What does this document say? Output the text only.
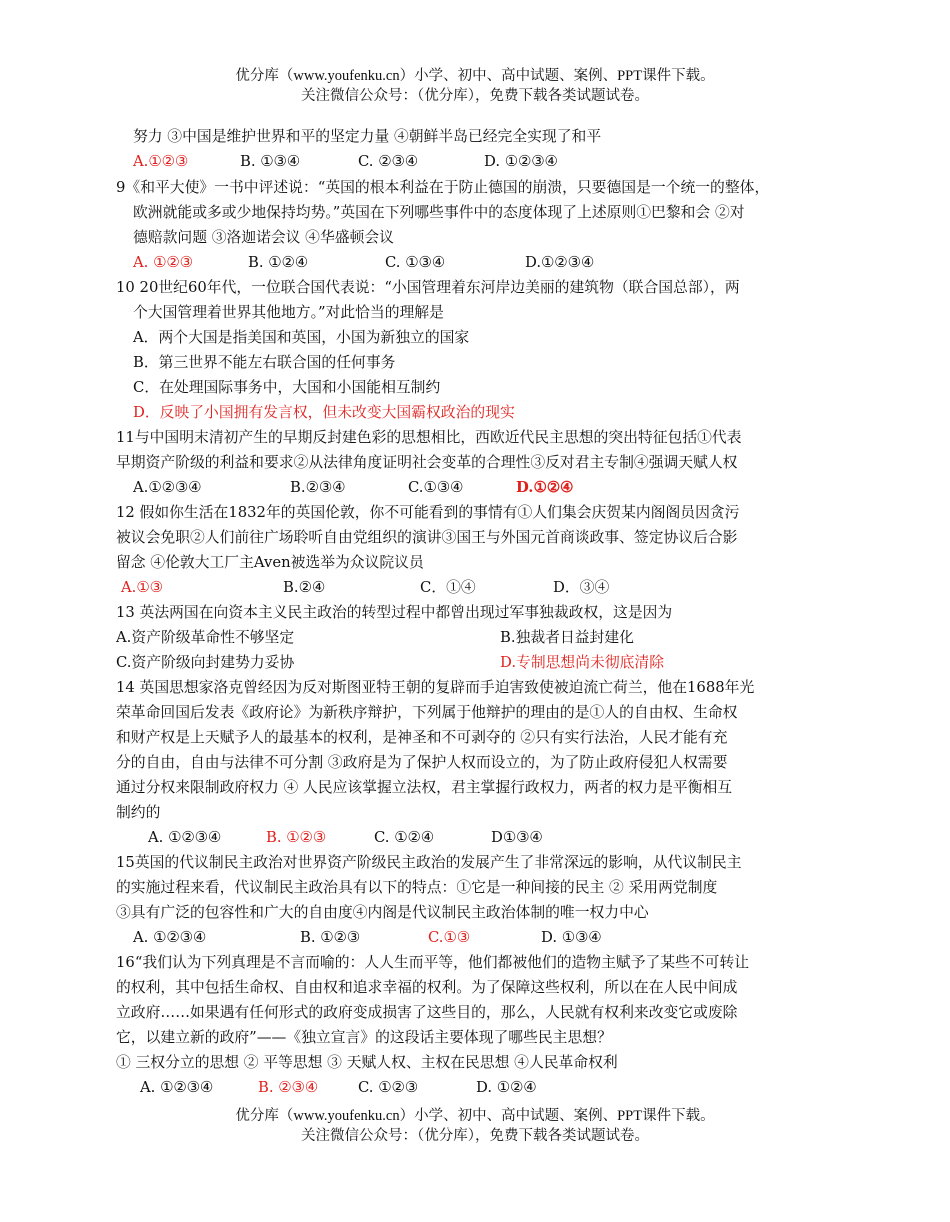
优分库（www.youfenku.cn）小学、初中、高中试题、案例、PPT课件下载。
关注微信公众号：（优分库），免费下载各类试题试卷。
努力 ③中国是维护世界和平的坚定力量 ④朝鲜半岛已经完全实现了和平
A.①②③	B. ①③④	C. ②③④	D. ①②③④
9《和平大使》一书中评述说：“英国的根本利益在于防止德国的崩溃，只要德国是一个统一的整体，
欧洲就能或多或少地保持均势。”英国在下列哪些事件中的态度体现了上述原则①巴黎和会 ②对
德赔款问题 ③洛迦诺会议 ④华盛顿会议
A. ①②③	B. ①②④	C. ①③④	D.①②③④
10 20世纪60年代，一位联合国代表说：“小国管理着东河岸边美丽的建筑物（联合国总部），两
个大国管理着世界其他地方。”对此恰当的理解是
A．两个大国是指美国和英国，小国为新独立的国家
B．第三世界不能左右联合国的任何事务
C．在处理国际事务中，大国和小国能相互制约
D．反映了小国拥有发言权，但未改变大国霸权政治的现实
11与中国明末清初产生的早期反封建色彩的思想相比，西欧近代民主思想的突出特征包括①代表
早期资产阶级的利益和要求②从法律角度证明社会变革的合理性③反对君主专制④强调天赋人权
A.①②③④	B.②③④	C.①③④	D.①②④
12 假如你生活在1832年的英国伦敦，你不可能看到的事情有①人们集会庆贺某内阁阁员因贪污
被议会免职②人们前往广场聆听自由党组织的演讲③国王与外国元首商谈政事、签定协议后合影
留念 ④伦敦大工厂主Aven被选举为众议院议员
A.①③	B.②④	C．①④	D．③④
13 英法两国在向资本主义民主政治的转型过程中都曾出现过军事独裁政权，这是因为
A.资产阶级革命性不够坚定	B.独裁者日益封建化
C.资产阶级向封建势力妥协	D.专制思想尚未彻底清除
14 英国思想家洛克曾经因为反对斯图亚特王朝的复辟而手迫害致使被迫流亡荷兰，他在1688年光
荣革命回国后发表《政府论》为新秩序辩护，下列属于他辩护的理由的是①人的自由权、生命权
和财产权是上天赋予人的最基本的权利，是神圣和不可剥夺的 ②只有实行法治，人民才能有充
分的自由，自由与法律不可分割 ③政府是为了保护人权而设立的，为了防止政府侵犯人权需要
通过分权来限制政府权力 ④ 人民应该掌握立法权，君主掌握行政权力，两者的权力是平衡相互
制约的
A. ①②③④	B. ①②③	C. ①②④	D①③④
15英国的代议制民主政治对世界资产阶级民主政治的发展产生了非常深远的影响，从代议制民主
的实施过程来看，代议制民主政治具有以下的特点：①它是一种间接的民主 ② 采用两党制度
③具有广泛的包容性和广大的自由度④内阁是代议制民主政治体制的唯一权力中心
A. ①②③④	B. ①②③	C.①③	D. ①③④
16“我们认为下列真理是不言而喻的：人人生而平等，他们都被他们的造物主赋予了某些不可转让
的权利，其中包括生命权、自由权和追求幸福的权利。为了保障这些权利，所以在在人民中间成
立政府……如果遇有任何形式的政府变成损害了这些目的，那么，人民就有权利来改变它或废除
它，以建立新的政府”——《独立宣言》的这段话主要体现了哪些民主思想？
① 三权分立的思想 ② 平等思想 ③ 天赋人权、主权在民思想 ④人民革命权利
A. ①②③④	B. ②③④	C. ①②③	D. ①②④
优分库（www.youfenku.cn）小学、初中、高中试题、案例、PPT课件下载。
关注微信公众号：（优分库），免费下载各类试题试卷。
